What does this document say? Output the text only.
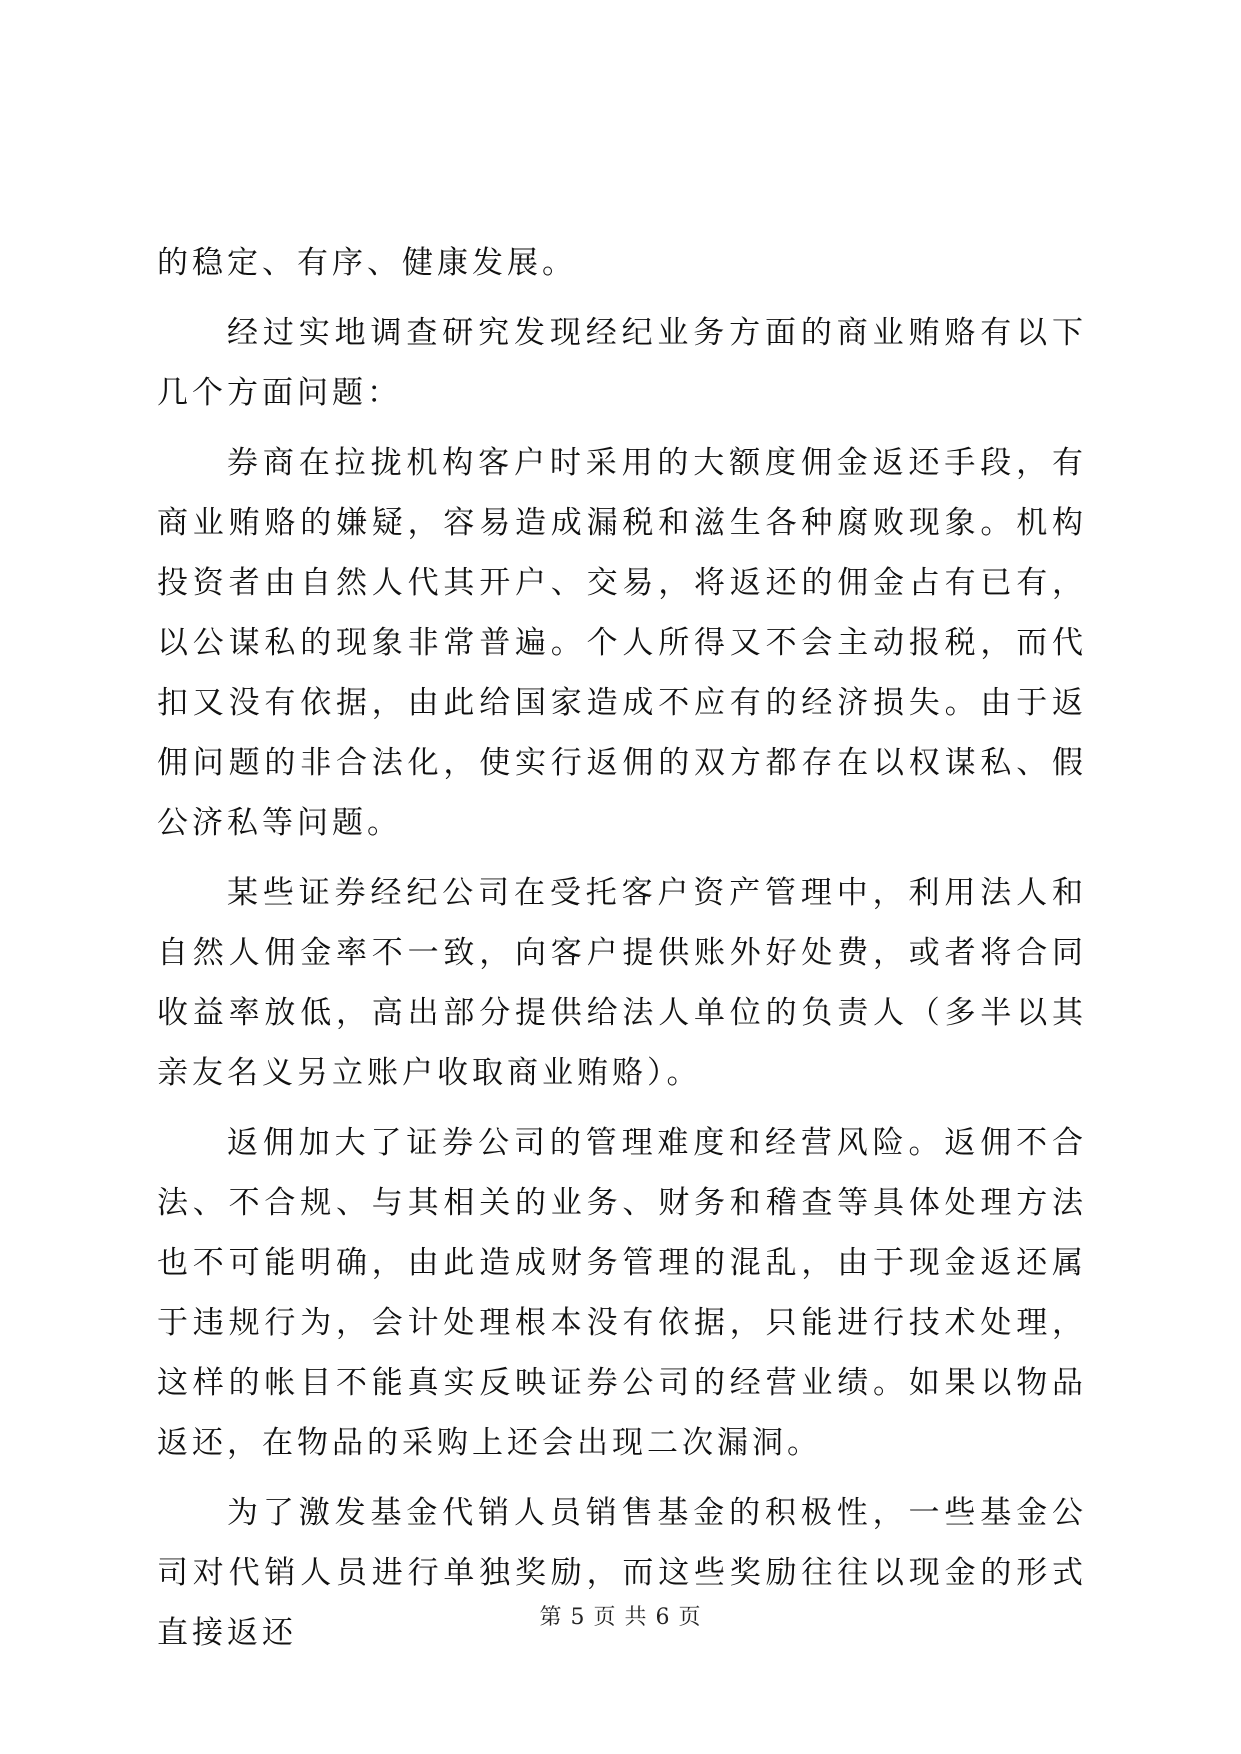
的稳定、有序、健康发展。

经过实地调查研究发现经纪业务方面的商业贿赂有以下几个方面问题：

券商在拉拢机构客户时采用的大额度佣金返还手段，有商业贿赂的嫌疑，容易造成漏税和滋生各种腐败现象。机构投资者由自然人代其开户、交易，将返还的佣金占有已有，以公谋私的现象非常普遍。个人所得又不会主动报税，而代扣又没有依据，由此给国家造成不应有的经济损失。由于返佣问题的非合法化，使实行返佣的双方都存在以权谋私、假公济私等问题。

某些证券经纪公司在受托客户资产管理中，利用法人和自然人佣金率不一致，向客户提供账外好处费，或者将合同收益率放低，高出部分提供给法人单位的负责人（多半以其亲友名义另立账户收取商业贿赂）。

返佣加大了证券公司的管理难度和经营风险。返佣不合法、不合规、与其相关的业务、财务和稽查等具体处理方法也不可能明确，由此造成财务管理的混乱，由于现金返还属于违规行为，会计处理根本没有依据，只能进行技术处理，这样的帐目不能真实反映证券公司的经营业绩。如果以物品返还，在物品的采购上还会出现二次漏洞。

为了激发基金代销人员销售基金的积极性，一些基金公司对代销人员进行单独奖励，而这些奖励往往以现金的形式直接返还	第 5 页 共 6 页
